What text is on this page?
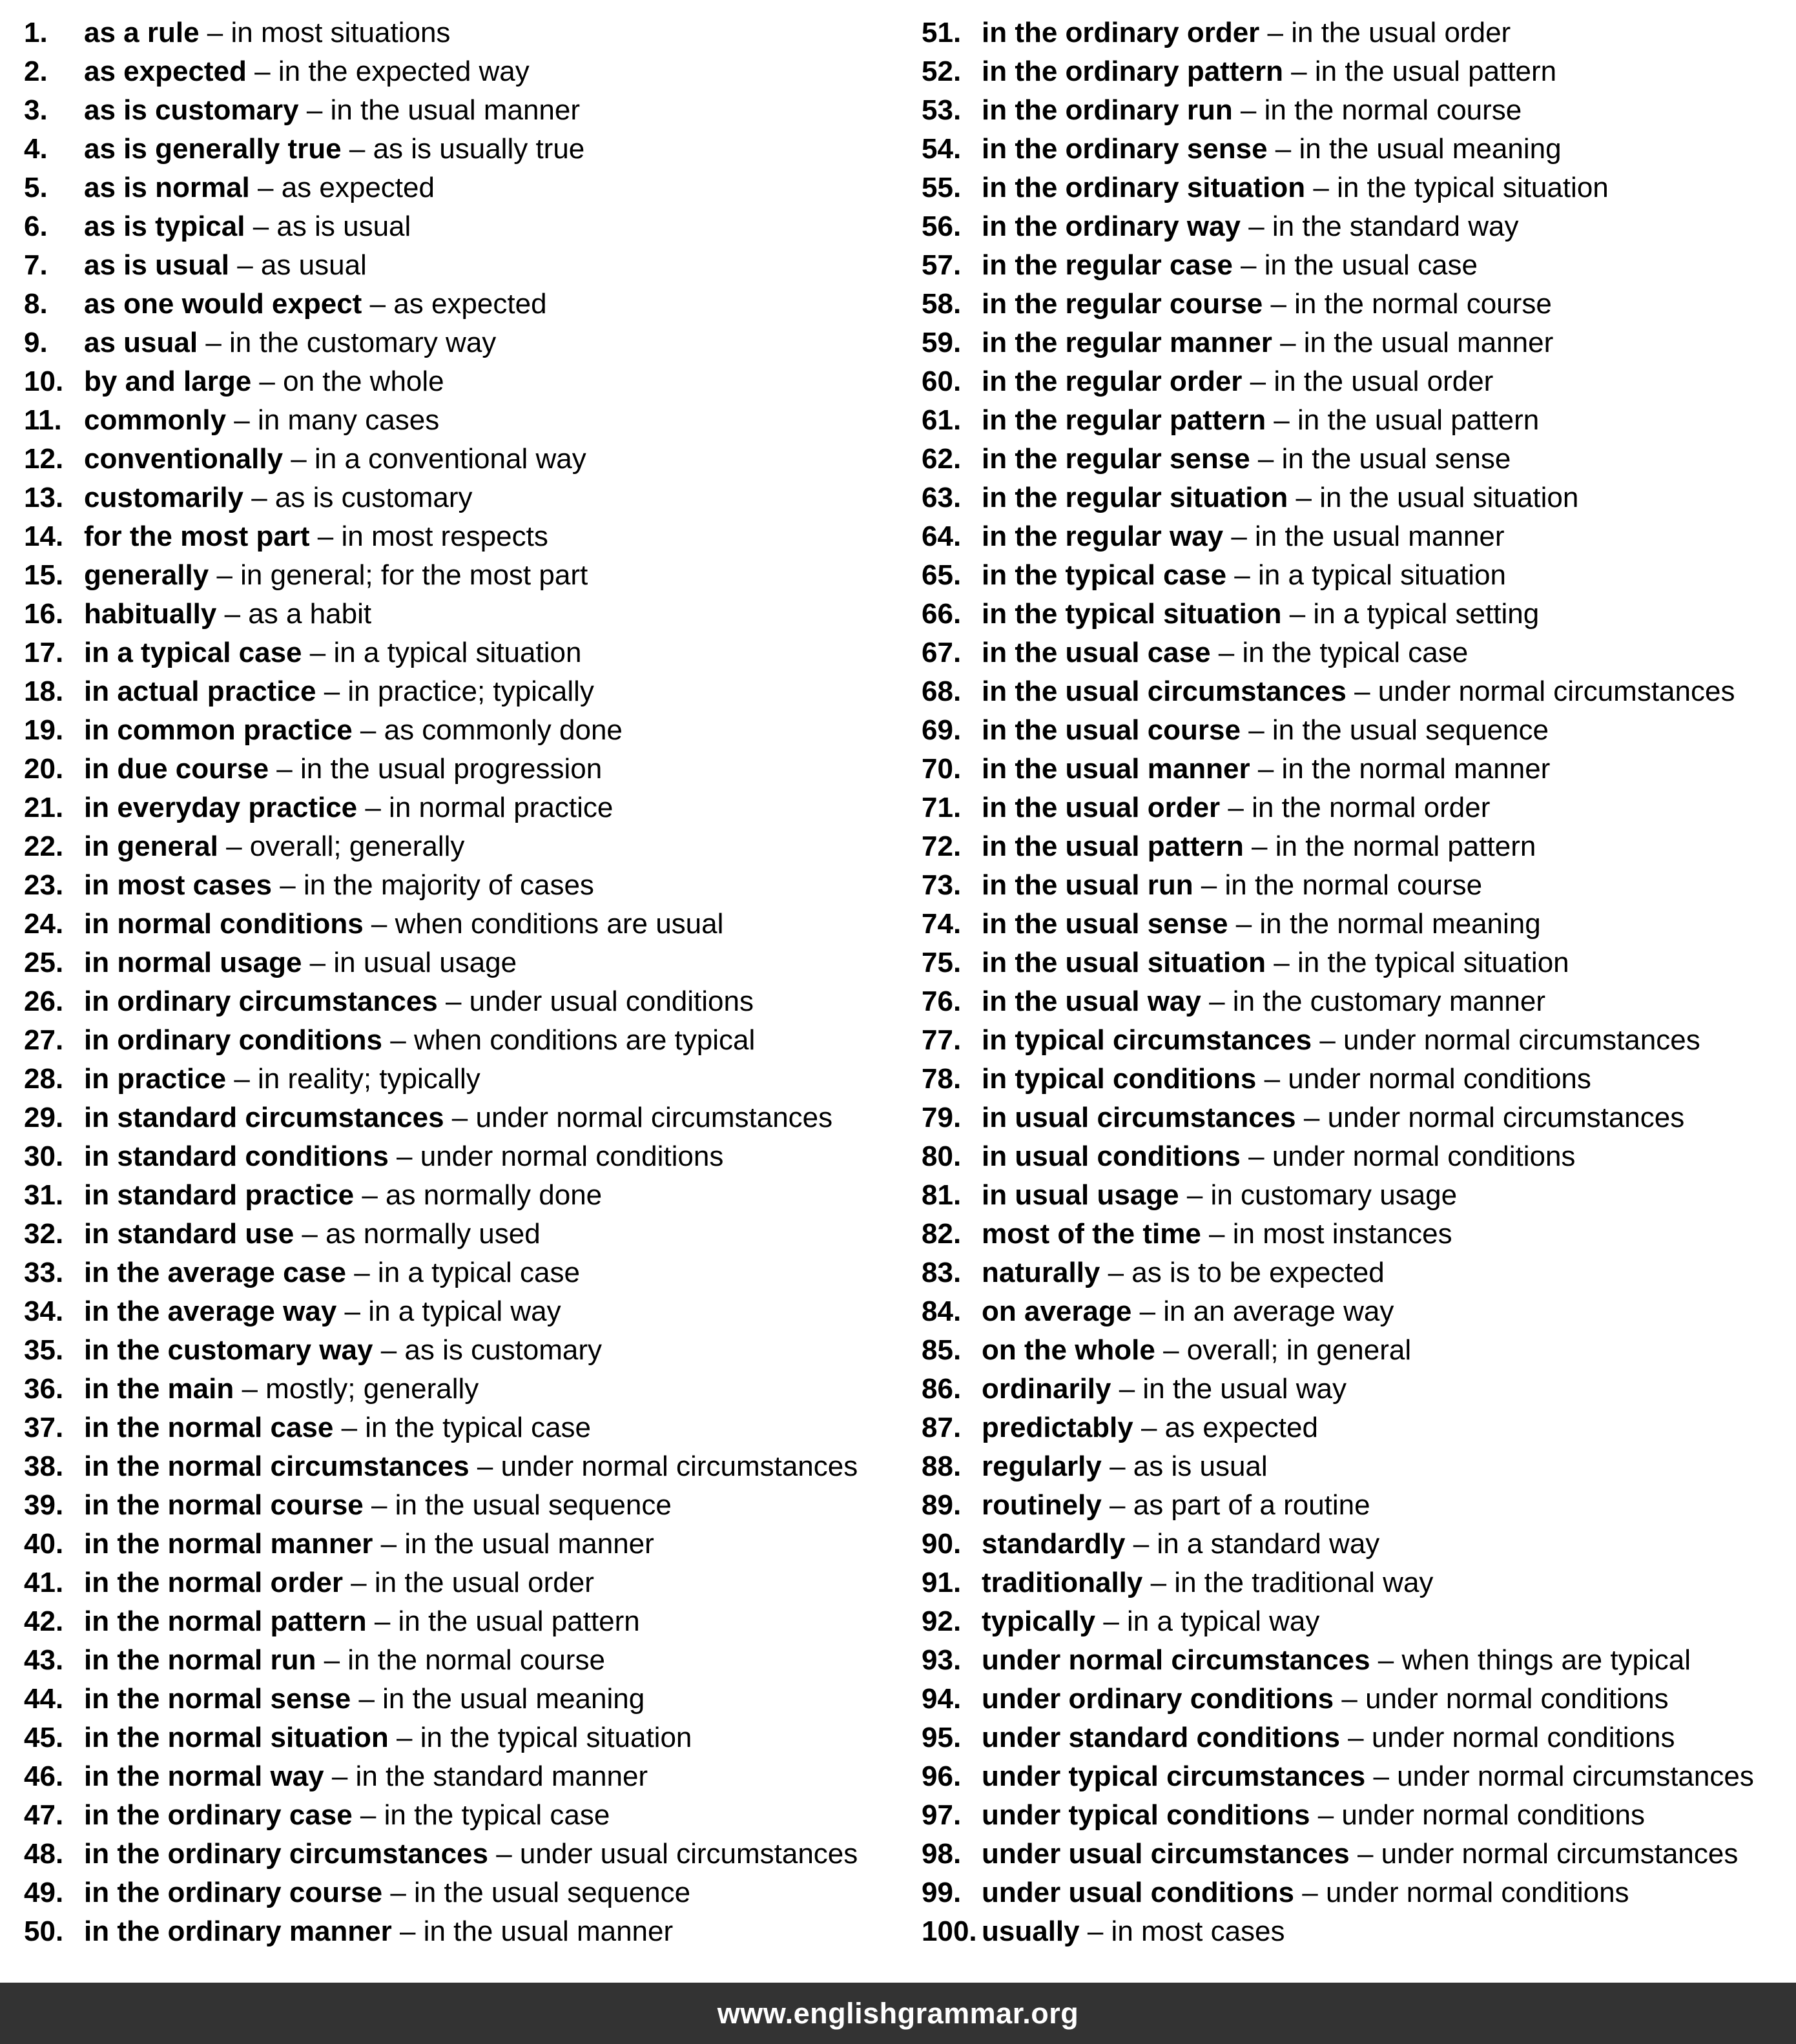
1. as a rule – in most situations
2. as expected – in the expected way
3. as is customary – in the usual manner
4. as is generally true – as is usually true
5. as is normal – as expected
6. as is typical – as is usual
7. as is usual – as usual
8. as one would expect – as expected
9. as usual – in the customary way
10. by and large – on the whole
11. commonly – in many cases
12. conventionally – in a conventional way
13. customarily – as is customary
14. for the most part – in most respects
15. generally – in general; for the most part
16. habitually – as a habit
17. in a typical case – in a typical situation
18. in actual practice – in practice; typically
19. in common practice – as commonly done
20. in due course – in the usual progression
21. in everyday practice – in normal practice
22. in general – overall; generally
23. in most cases – in the majority of cases
24. in normal conditions – when conditions are usual
25. in normal usage – in usual usage
26. in ordinary circumstances – under usual conditions
27. in ordinary conditions – when conditions are typical
28. in practice – in reality; typically
29. in standard circumstances – under normal circumstances
30. in standard conditions – under normal conditions
31. in standard practice – as normally done
32. in standard use – as normally used
33. in the average case – in a typical case
34. in the average way – in a typical way
35. in the customary way – as is customary
36. in the main – mostly; generally
37. in the normal case – in the typical case
38. in the normal circumstances – under normal circumstances
39. in the normal course – in the usual sequence
40. in the normal manner – in the usual manner
41. in the normal order – in the usual order
42. in the normal pattern – in the usual pattern
43. in the normal run – in the normal course
44. in the normal sense – in the usual meaning
45. in the normal situation – in the typical situation
46. in the normal way – in the standard manner
47. in the ordinary case – in the typical case
48. in the ordinary circumstances – under usual circumstances
49. in the ordinary course – in the usual sequence
50. in the ordinary manner – in the usual manner
51. in the ordinary order – in the usual order
52. in the ordinary pattern – in the usual pattern
53. in the ordinary run – in the normal course
54. in the ordinary sense – in the usual meaning
55. in the ordinary situation – in the typical situation
56. in the ordinary way – in the standard way
57. in the regular case – in the usual case
58. in the regular course – in the normal course
59. in the regular manner – in the usual manner
60. in the regular order – in the usual order
61. in the regular pattern – in the usual pattern
62. in the regular sense – in the usual sense
63. in the regular situation – in the usual situation
64. in the regular way – in the usual manner
65. in the typical case – in a typical situation
66. in the typical situation – in a typical setting
67. in the usual case – in the typical case
68. in the usual circumstances – under normal circumstances
69. in the usual course – in the usual sequence
70. in the usual manner – in the normal manner
71. in the usual order – in the normal order
72. in the usual pattern – in the normal pattern
73. in the usual run – in the normal course
74. in the usual sense – in the normal meaning
75. in the usual situation – in the typical situation
76. in the usual way – in the customary manner
77. in typical circumstances – under normal circumstances
78. in typical conditions – under normal conditions
79. in usual circumstances – under normal circumstances
80. in usual conditions – under normal conditions
81. in usual usage – in customary usage
82. most of the time – in most instances
83. naturally – as is to be expected
84. on average – in an average way
85. on the whole – overall; in general
86. ordinarily – in the usual way
87. predictably – as expected
88. regularly – as is usual
89. routinely – as part of a routine
90. standardly – in a standard way
91. traditionally – in the traditional way
92. typically – in a typical way
93. under normal circumstances – when things are typical
94. under ordinary conditions – under normal conditions
95. under standard conditions – under normal conditions
96. under typical circumstances – under normal circumstances
97. under typical conditions – under normal conditions
98. under usual circumstances – under normal circumstances
99. under usual conditions – under normal conditions
100. usually – in most cases
www.englishgrammar.org
